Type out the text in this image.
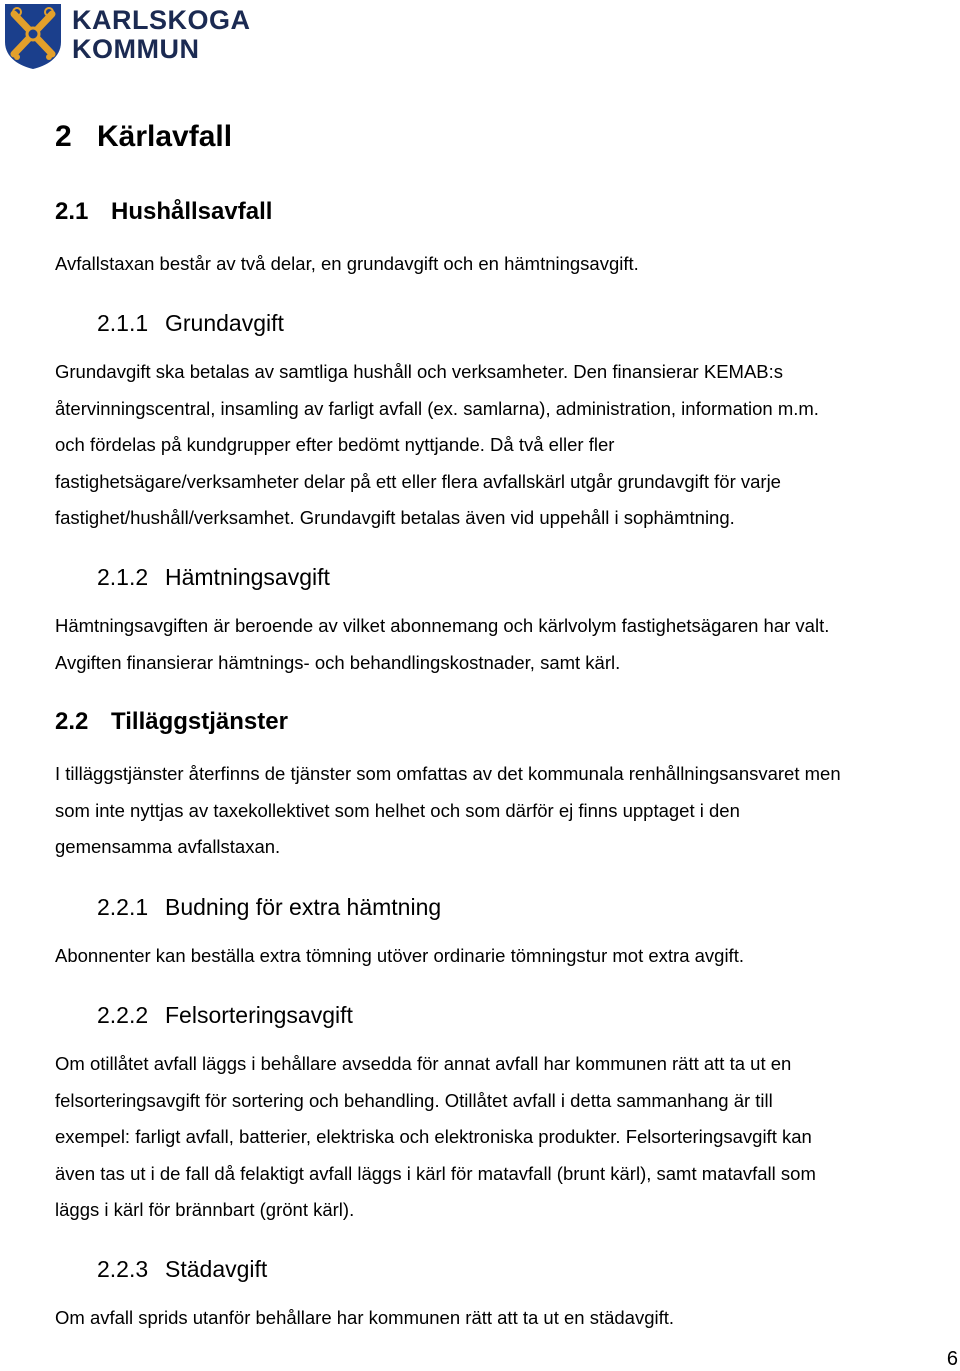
KARLSKOGA
KOMMUN
2 Kärlavfall
2.1 Hushållsavfall
Avfallstaxan består av två delar, en grundavgift och en hämtningsavgift.
2.1.1 Grundavgift
Grundavgift ska betalas av samtliga hushåll och verksamheter. Den finansierar KEMAB:s
återvinningscentral, insamling av farligt avfall (ex. samlarna), administration, information m.m.
och fördelas på kundgrupper efter bedömt nyttjande. Då två eller fler
fastighetsägare/verksamheter delar på ett eller flera avfallskärl utgår grundavgift för varje
fastighet/hushåll/verksamhet. Grundavgift betalas även vid uppehåll i sophämtning.
2.1.2 Hämtningsavgift
Hämtningsavgiften är beroende av vilket abonnemang och kärlvolym fastighetsägaren har valt.
Avgiften finansierar hämtnings- och behandlingskostnader, samt kärl.
2.2 Tilläggstjänster
I tilläggstjänster återfinns de tjänster som omfattas av det kommunala renhållningsansvaret men
som inte nyttjas av taxekollektivet som helhet och som därför ej finns upptaget i den
gemensamma avfallstaxan.
2.2.1 Budning för extra hämtning
Abonnenter kan beställa extra tömning utöver ordinarie tömningstur mot extra avgift.
2.2.2 Felsorteringsavgift
Om otillåtet avfall läggs i behållare avsedda för annat avfall har kommunen rätt att ta ut en
felsorteringsavgift för sortering och behandling. Otillåtet avfall i detta sammanhang är till
exempel: farligt avfall, batterier, elektriska och elektroniska produkter. Felsorteringsavgift kan
även tas ut i de fall då felaktigt avfall läggs i kärl för matavfall (brunt kärl), samt matavfall som
läggs i kärl för brännbart (grönt kärl).
2.2.3 Städavgift
Om avfall sprids utanför behållare har kommunen rätt att ta ut en städavgift.
6
